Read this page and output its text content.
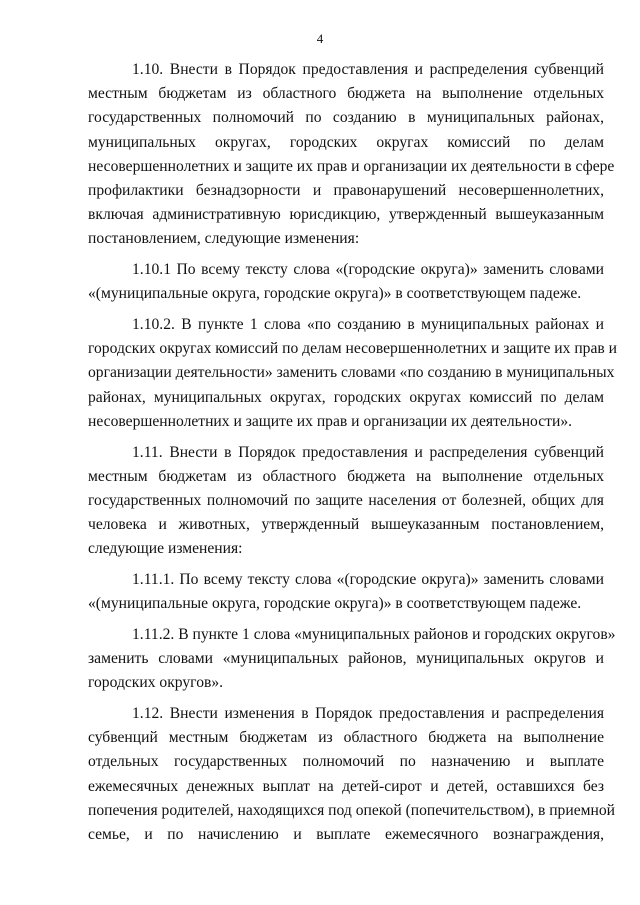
4

1.10. Внести в Порядок предоставления и распределения субвенций
местным бюджетам из областного бюджета на выполнение отдельных
государственных полномочий по созданию в муниципальных районах,
муниципальных округах, городских округах комиссий по делам
несовершеннолетних и защите их прав и организации их деятельности в сфере
профилактики безнадзорности и правонарушений несовершеннолетних,
включая административную юрисдикцию, утвержденный вышеуказанным
постановлением, следующие изменения:

1.10.1 По всему тексту слова «(городские округа)» заменить словами
«(муниципальные округа, городские округа)» в соответствующем падеже.

1.10.2. В пункте 1 слова «по созданию в муниципальных районах и
городских округах комиссий по делам несовершеннолетних и защите их прав и
организации деятельности» заменить словами «по созданию в муниципальных
районах, муниципальных округах, городских округах комиссий по делам
несовершеннолетних и защите их прав и организации их деятельности».

1.11. Внести в Порядок предоставления и распределения субвенций
местным бюджетам из областного бюджета на выполнение отдельных
государственных полномочий по защите населения от болезней, общих для
человека и животных, утвержденный вышеуказанным постановлением,
следующие изменения:

1.11.1. По всему тексту слова «(городские округа)» заменить словами
«(муниципальные округа, городские округа)» в соответствующем падеже.

1.11.2. В пункте 1 слова «муниципальных районов и городских округов»
заменить словами «муниципальных районов, муниципальных округов и
городских округов».

1.12. Внести изменения в Порядок предоставления и распределения
субвенций местным бюджетам из областного бюджета на выполнение
отдельных государственных полномочий по назначению и выплате
ежемесячных денежных выплат на детей-сирот и детей, оставшихся без
попечения родителей, находящихся под опекой (попечительством), в приемной
семье, и по начислению и выплате ежемесячного вознаграждения,
